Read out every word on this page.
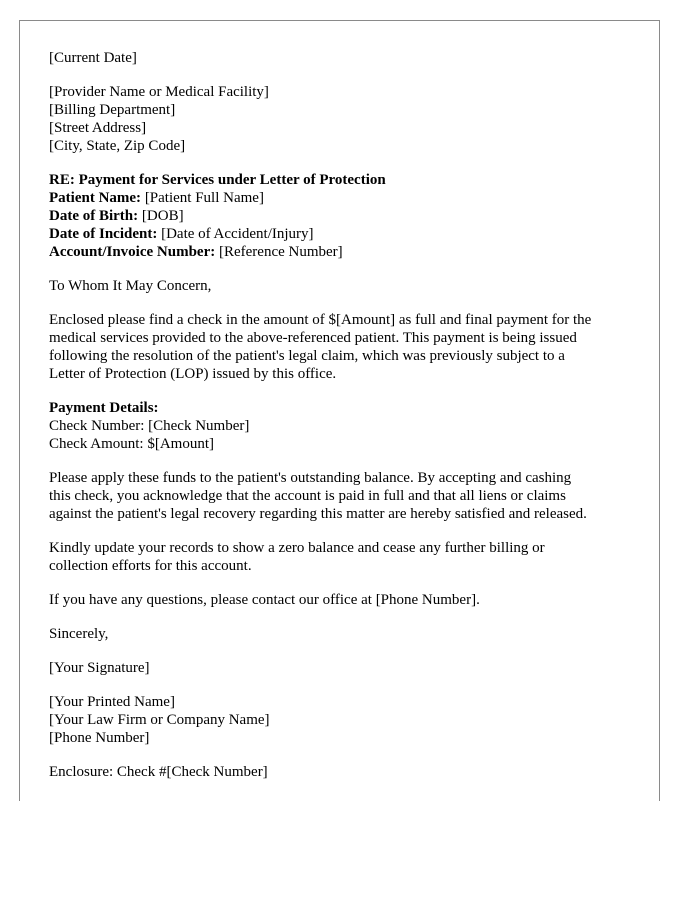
[Current Date]
[Provider Name or Medical Facility]
[Billing Department]
[Street Address]
[City, State, Zip Code]
RE: Payment for Services under Letter of Protection
Patient Name: [Patient Full Name]
Date of Birth: [DOB]
Date of Incident: [Date of Accident/Injury]
Account/Invoice Number: [Reference Number]
To Whom It May Concern,
Enclosed please find a check in the amount of $[Amount] as full and final payment for the
medical services provided to the above-referenced patient. This payment is being issued
following the resolution of the patient's legal claim, which was previously subject to a
Letter of Protection (LOP) issued by this office.
Payment Details:
Check Number: [Check Number]
Check Amount: $[Amount]
Please apply these funds to the patient's outstanding balance. By accepting and cashing
this check, you acknowledge that the account is paid in full and that all liens or claims
against the patient's legal recovery regarding this matter are hereby satisfied and released.
Kindly update your records to show a zero balance and cease any further billing or
collection efforts for this account.
If you have any questions, please contact our office at [Phone Number].
Sincerely,
[Your Signature]
[Your Printed Name]
[Your Law Firm or Company Name]
[Phone Number]
Enclosure: Check #[Check Number]
